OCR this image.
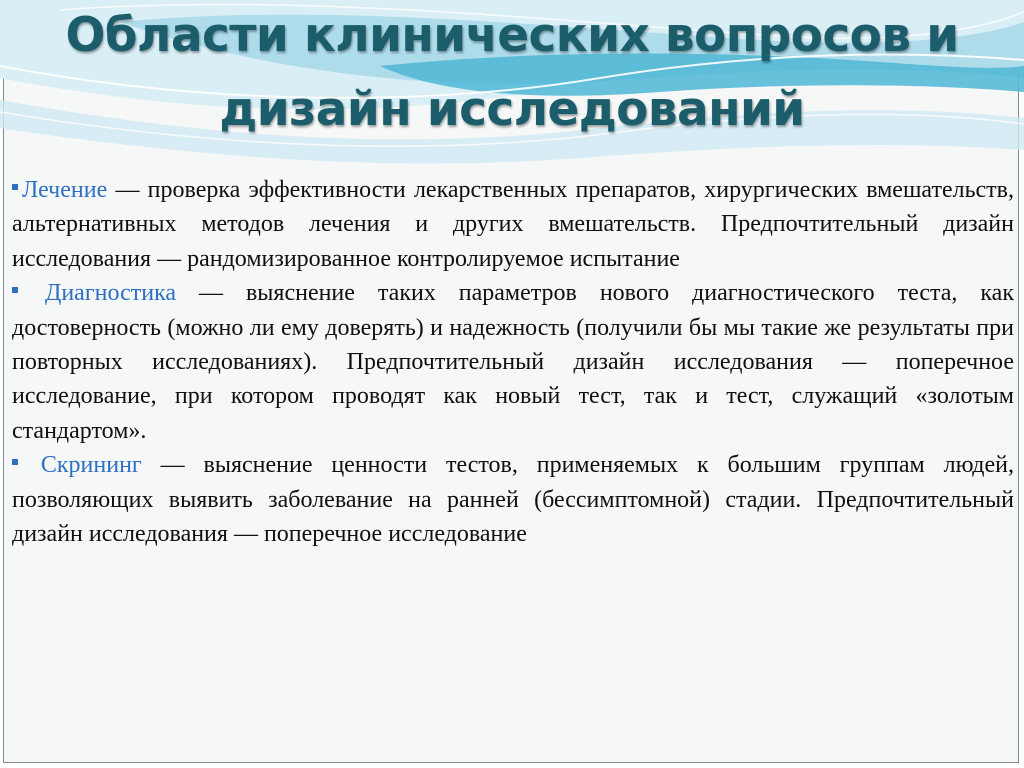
Области клинических вопросов и
дизайн исследований

Лечение — проверка эффективности лекарственных препаратов, хирургических вмешательств, альтернативных методов лечения и других вмешательств. Предпочтительный дизайн исследования — рандомизированное контролируемое испытание

Диагностика — выяснение таких параметров нового диагностического теста, как достоверность (можно ли ему доверять) и надежность (получили бы мы такие же результаты при повторных исследованиях). Предпочтительный дизайн исследования — поперечное исследование, при котором проводят как новый тест, так и тест, служащий «золотым стандартом».

Скрининг — выяснение ценности тестов, применяемых к большим группам людей, позволяющих выявить заболевание на ранней (бессимптомной) стадии. Предпочтительный дизайн исследования — поперечное исследование
